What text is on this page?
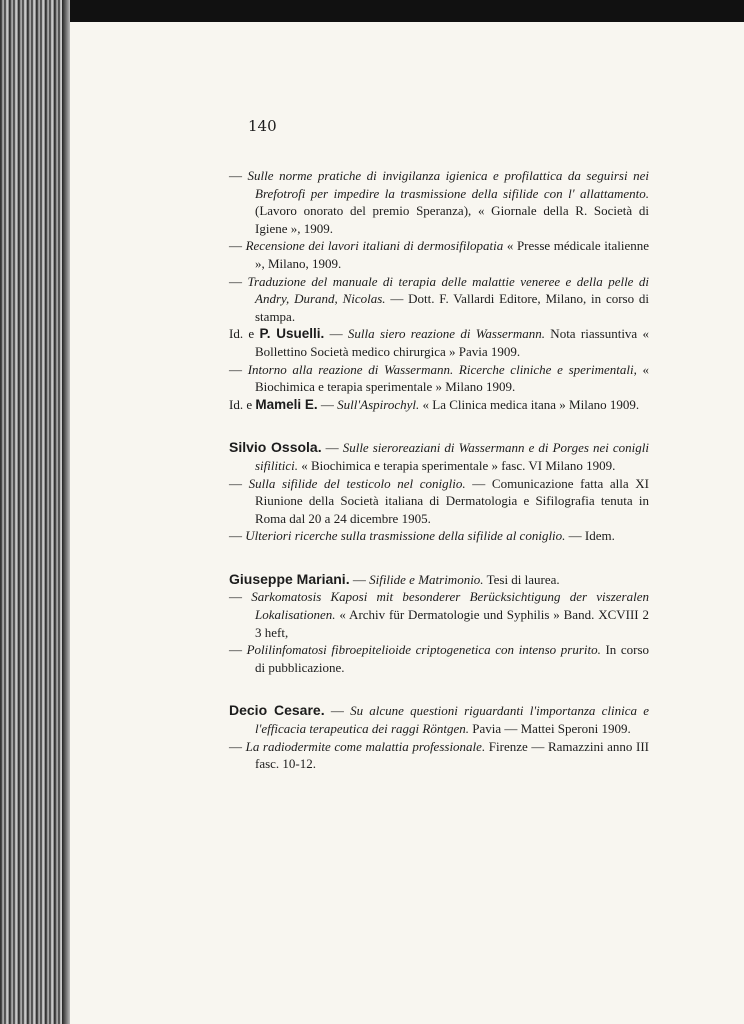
140
— Sulle norme pratiche di invigilanza igienica e profilattica da seguirsi nei Brefotrofi per impedire la trasmissione della sifilide con l' allattamento. (Lavoro onorato del premio Speranza), « Giornale della R. Società di Igiene », 1909.
— Recensione dei lavori italiani di dermosifilopatia « Presse médicale italienne », Milano, 1909.
— Traduzione del manuale di terapia delle malattie veneree e della pelle di Andry, Durand, Nicolas. — Dott. F. Vallardi Editore, Milano, in corso di stampa.
Id. e P. Usuelli. — Sulla siero reazione di Wassermann. Nota riassuntiva « Bollettino Società medico chirurgica » Pavia 1909.
— Intorno alla reazione di Wassermann. Ricerche cliniche e sperimentali, « Biochimica e terapia sperimentale » Milano 1909.
Id. e Mameli E. — Sull'Aspirochyl. « La Clinica medica itana » Milano 1909.
Silvio Ossola. — Sulle sieroreaziani di Wassermann e di Porges nei conigli sifilitici. « Biochimica e terapia sperimentale » fasc. VI Milano 1909.
— Sulla sifilide del testicolo nel coniglio. — Comunicazione fatta alla XI Riunione della Società italiana di Dermatologia e Sifilografia tenuta in Roma dal 20 a 24 dicembre 1905.
— Ulteriori ricerche sulla trasmissione della sifilide al coniglio. — Idem.
Giuseppe Mariani. — Sifilide e Matrimonio. Tesi di laurea.
— Sarkomatosis Kaposi mit besonderer Berücksichtigung der viszeralen Lokalisationen. « Archiv für Dermatologie und Syphilis » Band. XCVIII 2 3 heft,
— Polilinfomatosi fibroepitelioide criptogenetica con intenso prurito. In corso di pubblicazione.
Decio Cesare. — Su alcune questioni riguardanti l'importanza clinica e l'efficacia terapeutica dei raggi Röntgen. Pavia — Mattei Speroni 1909.
— La radiodermite come malattia professionale. Firenze — Ramazzini anno III fasc. 10-12.
